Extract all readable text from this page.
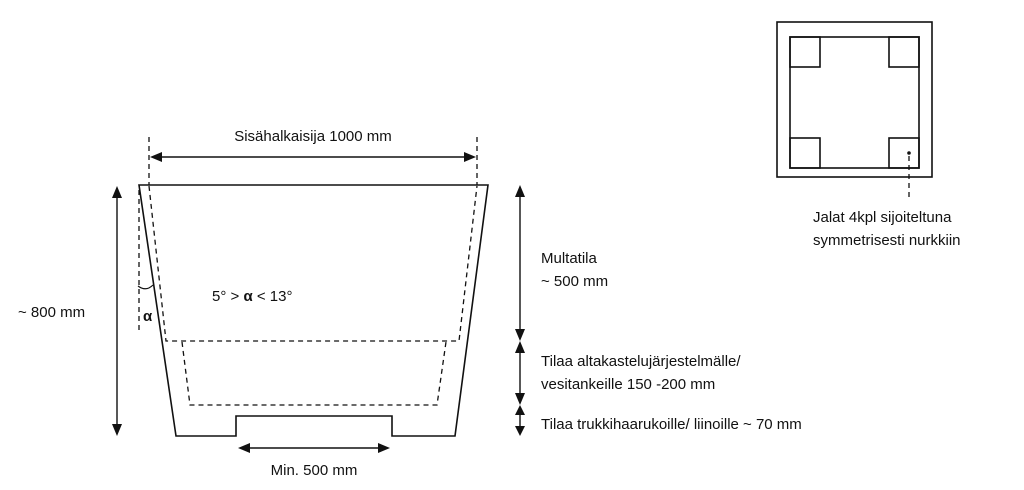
Sisähalkaisija 1000 mm
~ 800 mm
Multatila
~ 500 mm
Tilaa altakastelujärjestelmälle/
vesitankeille 150 -200 mm
Tilaa trukkihaarukoille/ liinoille ~ 70 mm
Min. 500 mm
5° > α < 13°
α
Jalat 4kpl sijoiteltuna
symmetrisesti nurkkiin
